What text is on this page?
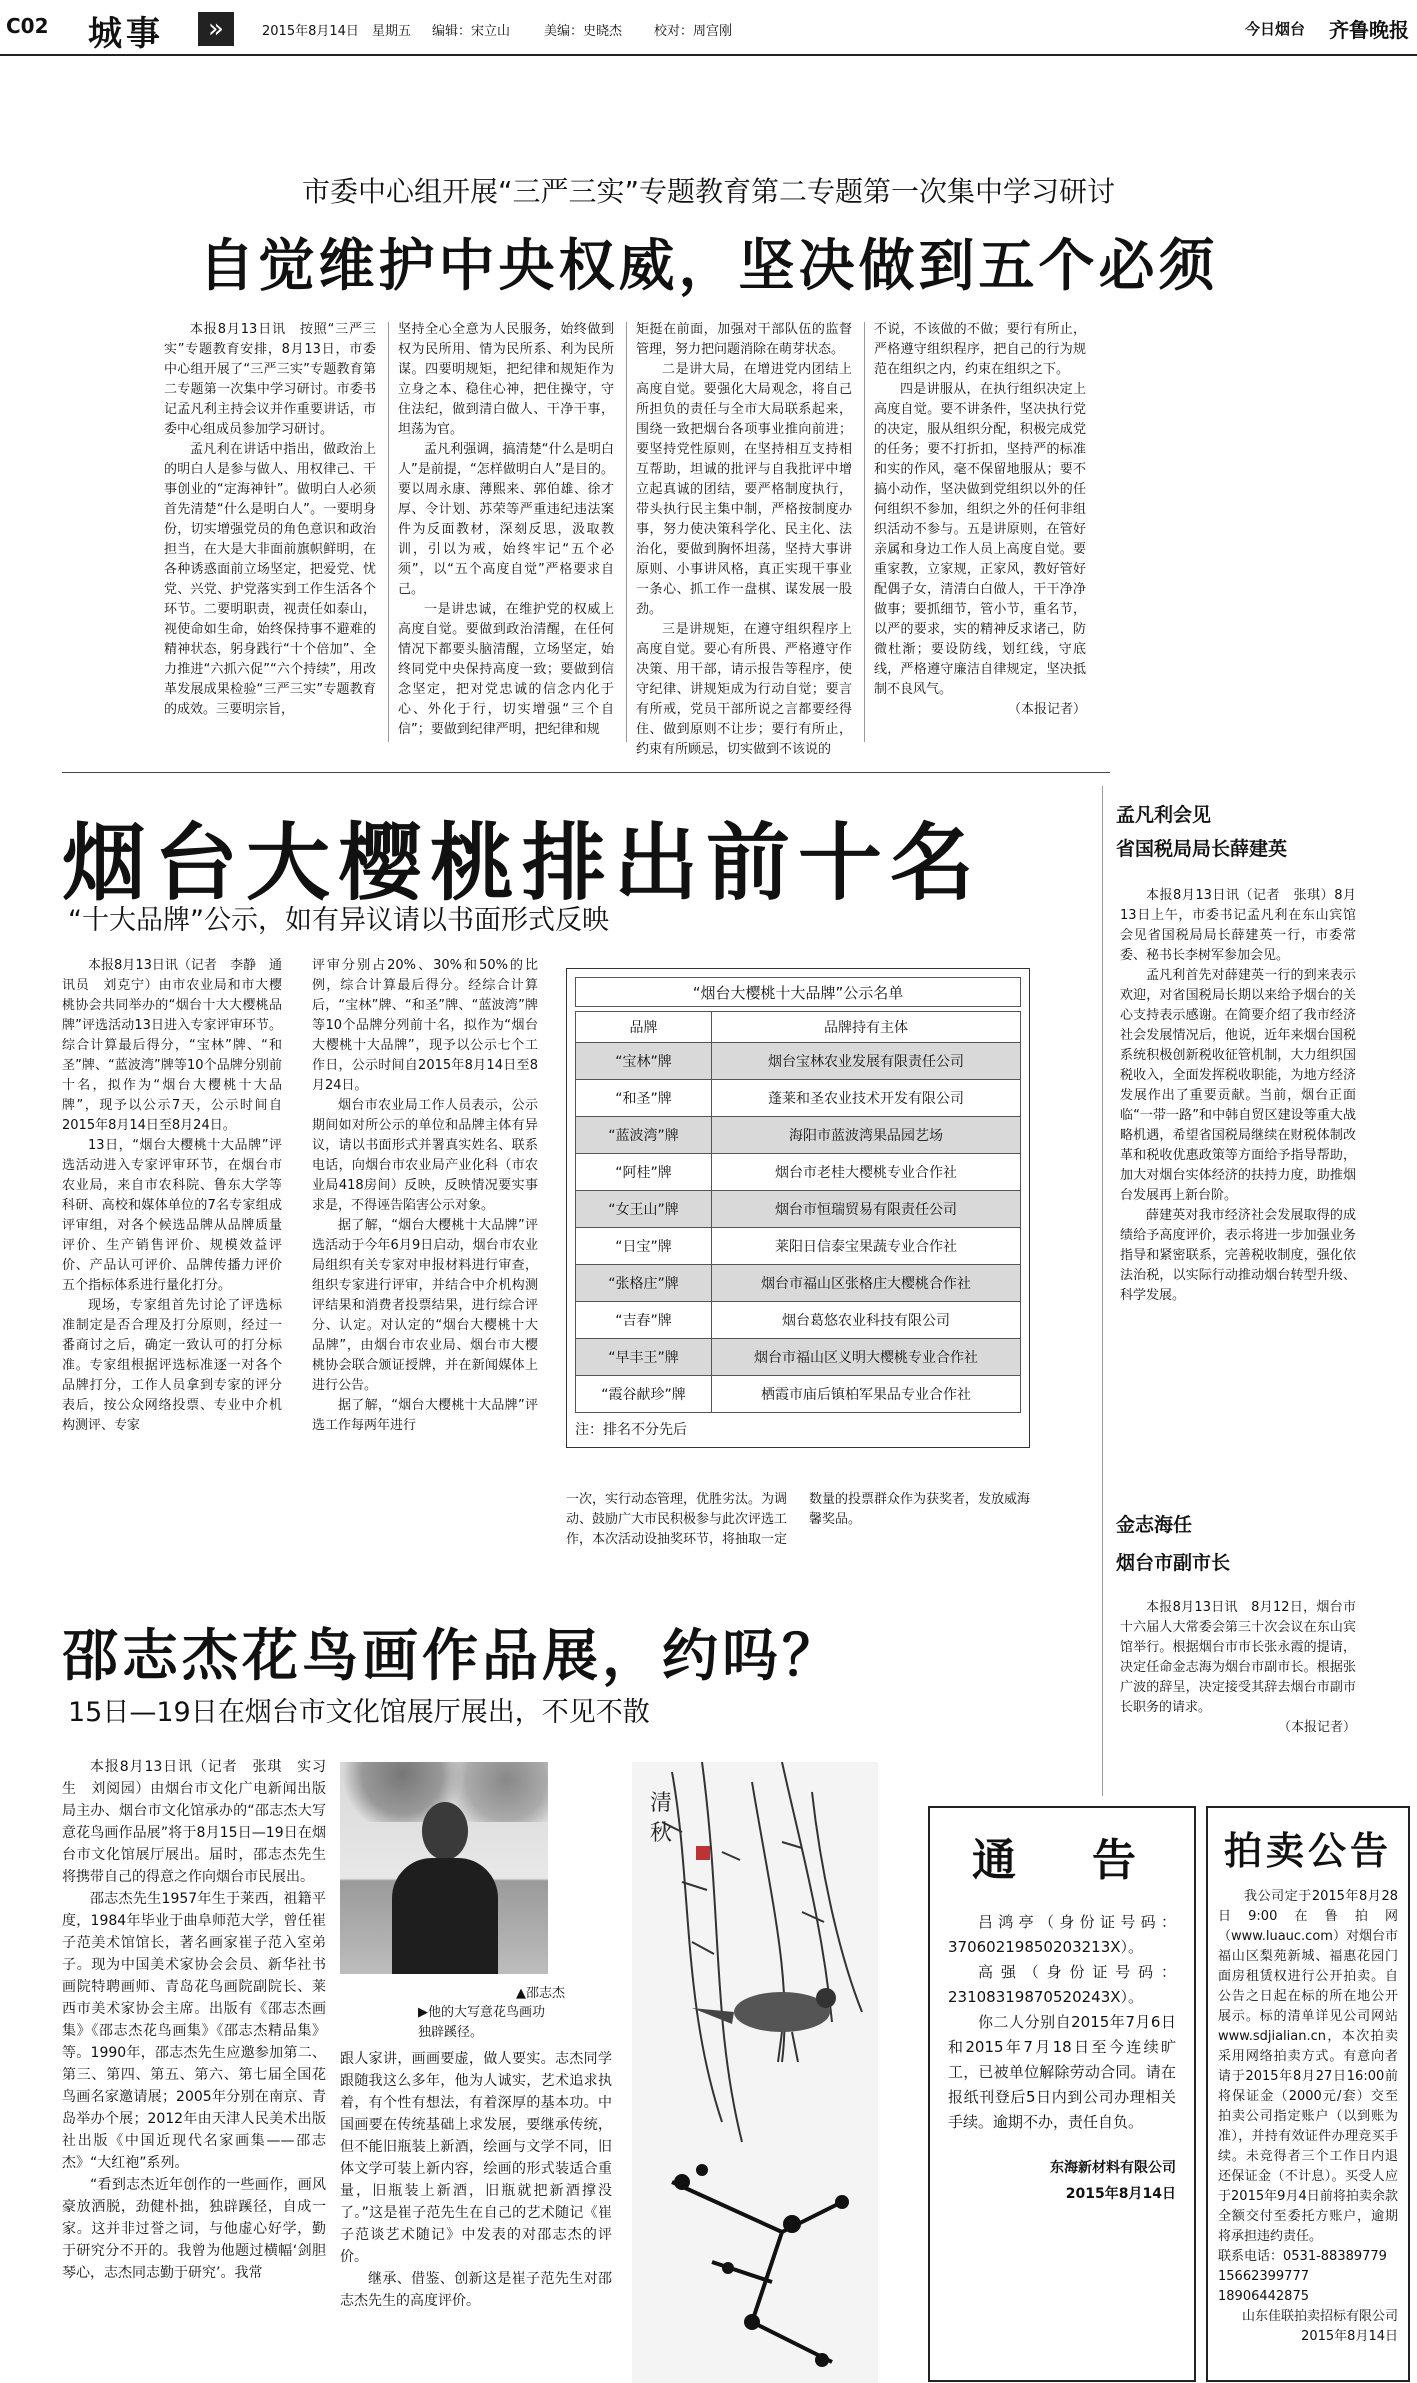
C02 城事	»	2015年8月14日 星期五 编辑：宋立山	美编：史晓杰 校对：周宫刚	今日烟台 齐鲁晚报
市委中心组开展“三严三实”专题教育第二专题第一次集中学习研讨
自觉维护中央权威，坚决做到五个必须

本报8月13日讯　按照“三严三实”专题教育安排，8月13日，市委中心组开展了“三严三实”专题教育第二专题第一次集中学习研讨。市委书记孟凡利主持会议并作重要讲话，市委中心组成员参加学习研讨。

孟凡利在讲话中指出，做政治上的明白人是参与做人、用权律己、干事创业的“定海神针”。做明白人必须首先清楚“什么是明白人”。一要明身份，切实增强党员的角色意识和政治担当，在大是大非面前旗帜鲜明，在各种诱惑面前立场坚定，把爱党、忧党、兴党、护党落实到工作生活各个环节。二要明职责，视责任如泰山，视使命如生命，始终保持事不避难的精神状态，躬身践行“十个倍加”、全力推进“六抓六促”“六个持续”，用改革发展成果检验“三严三实”专题教育的成效。三要明宗旨，

坚持全心全意为人民服务，始终做到权为民所用、情为民所系、利为民所谋。四要明规矩，把纪律和规矩作为立身之本、稳住心神，把住操守，守住法纪，做到清白做人、干净干事，坦荡为官。

孟凡利强调，搞清楚“什么是明白人”是前提，“怎样做明白人”是目的。要以周永康、薄熙来、郭伯雄、徐才厚、令计划、苏荣等严重违纪违法案件为反面教材，深刻反思，汲取教训，引以为戒，始终牢记“五个必须”，以“五个高度自觉”严格要求自己。

一是讲忠诚，在维护党的权威上高度自觉。要做到政治清醒，在任何情况下都要头脑清醒，立场坚定，始终同党中央保持高度一致；要做到信念坚定，把对党忠诚的信念内化于心、外化于行，切实增强“三个自信”；要做到纪律严明，把纪律和规

矩挺在前面，加强对干部队伍的监督管理，努力把问题消除在萌芽状态。

二是讲大局，在增进党内团结上高度自觉。要强化大局观念，将自己所担负的责任与全市大局联系起来，围绕一致把烟台各项事业推向前进；要坚持党性原则，在坚持相互支持相互帮助，坦诚的批评与自我批评中增立起真诚的团结，要严格制度执行，带头执行民主集中制，严格按制度办事，努力使决策科学化、民主化、法治化，要做到胸怀坦荡，坚持大事讲原则、小事讲风格，真正实现干事业一条心、抓工作一盘棋、谋发展一股劲。

三是讲规矩，在遵守组织程序上高度自觉。要心有所畏、严格遵守作决策、用干部，请示报告等程序，使守纪律、讲规矩成为行动自觉；要言有所戒，党员干部所说之言都要经得住、做到原则不让步；要行有所止，约束有所顾忌，切实做到不该说的

不说，不该做的不做；要行有所止，严格遵守组织程序，把自己的行为规范在组织之内，约束在组织之下。

四是讲服从，在执行组织决定上高度自觉。要不讲条件，坚决执行党的决定，服从组织分配，积极完成党的任务；要不打折扣，坚持严的标准和实的作风，毫不保留地服从；要不搞小动作，坚决做到党组织以外的任何组织不参加，组织之外的任何非组织活动不参与。五是讲原则，在管好亲属和身边工作人员上高度自觉。要重家教，立家规，正家风，教好管好配偶子女，清清白白做人，干干净净做事；要抓细节，管小节，重名节，以严的要求，实的精神反求诸己，防微杜渐；要设防线，划红线，守底线，严格遵守廉洁自律规定，坚决抵制不良风气。

（本报记者）

烟台大樱桃排出前十名
“十大品牌”公示，如有异议请以书面形式反映

本报8月13日讯（记者　李静　通讯员　刘克宁）由市农业局和市大樱桃协会共同举办的“烟台十大大樱桃品牌”评选活动13日进入专家评审环节。综合计算最后得分，“宝林”牌、“和圣”牌、“蓝波湾”牌等10个品牌分别前十名，拟作为“烟台大樱桃十大品牌”，现予以公示7天，公示时间自2015年8月14日至8月24日。

13日，“烟台大樱桃十大品牌”评选活动进入专家评审环节，在烟台市农业局，来自市农科院、鲁东大学等科研、高校和媒体单位的7名专家组成评审组，对各个候选品牌从品牌质量评价、生产销售评价、规模效益评价、产品认可评价、品牌传播力评价五个指标体系进行量化打分。

现场，专家组首先讨论了评选标准制定是否合理及打分原则，经过一番商讨之后，确定一致认可的打分标准。专家组根据评选标准逐一对各个品牌打分，工作人员拿到专家的评分表后，按公众网络投票、专业中介机构测评、专家

评审分别占20%、30%和50%的比例，综合计算最后得分。经综合计算后，“宝林”牌、“和圣”牌、“蓝波湾”牌等10个品牌分列前十名，拟作为“烟台大樱桃十大品牌”，现予以公示七个工作日，公示时间自2015年8月14日至8月24日。

烟台市农业局工作人员表示，公示期间如对所公示的单位和品牌主体有异议，请以书面形式并署真实姓名、联系电话，向烟台市农业局产业化科（市农业局418房间）反映，反映情况要实事求是，不得诬告陷害公示对象。

据了解，“烟台大樱桃十大品牌”评选活动于今年6月9日启动，烟台市农业局组织有关专家对申报材料进行审查，组织专家进行评审，并结合中介机构测评结果和消费者投票结果，进行综合评分、认定。对认定的“烟台大樱桃十大品牌”，由烟台市农业局、烟台市大樱桃协会联合颁证授牌，并在新闻媒体上进行公告。

据了解，“烟台大樱桃十大品牌”评选工作每两年进行

“烟台大樱桃十大品牌”公示名单
品牌	品牌持有主体
“宝林”牌	烟台宝林农业发展有限责任公司
“和圣”牌	蓬莱和圣农业技术开发有限公司
“蓝波湾”牌	海阳市蓝波湾果品园艺场
“阿桂”牌	烟台市老桂大樱桃专业合作社
“女王山”牌	烟台市恒瑞贸易有限责任公司
“日宝”牌	莱阳日信泰宝果蔬专业合作社
“张格庄”牌	烟台市福山区张格庄大樱桃合作社
“吉春”牌	烟台葛悠农业科技有限公司
“早丰王”牌	烟台市福山区义明大樱桃专业合作社
“霞谷献珍”牌	栖霞市庙后镇柏军果品专业合作社
注：排名不分先后

一次，实行动态管理，优胜劣汰。为调动、鼓励广大市民积极参与此次评选工作，本次活动设抽奖环节，将抽取一定数量的投票群众作为获奖者，发放威海馨奖品。

孟凡利会见
省国税局局长薛建英

本报8月13日讯（记者　张琪）8月13日上午，市委书记孟凡利在东山宾馆会见省国税局局长薛建英一行，市委常委、秘书长李树军参加会见。

孟凡利首先对薛建英一行的到来表示欢迎，对省国税局长期以来给予烟台的关心支持表示感谢。在简要介绍了我市经济社会发展情况后，他说，近年来烟台国税系统积极创新税收征管机制，大力组织国税收入，全面发挥税收职能，为地方经济发展作出了重要贡献。当前，烟台正面临“一带一路”和中韩自贸区建设等重大战略机遇，希望省国税局继续在财税体制改革和税收优惠政策等方面给予指导帮助，加大对烟台实体经济的扶持力度，助推烟台发展再上新台阶。

薛建英对我市经济社会发展取得的成绩给予高度评价，表示将进一步加强业务指导和紧密联系，完善税收制度，强化依法治税，以实际行动推动烟台转型升级、科学发展。

金志海任
烟台市副市长

本报8月13日讯　8月12日，烟台市十六届人大常委会第三十次会议在东山宾馆举行。根据烟台市市长张永霞的提请，决定任命金志海为烟台市副市长。根据张广波的辞呈，决定接受其辞去烟台市副市长职务的请求。

（本报记者）

邵志杰花鸟画作品展，约吗？
15日—19日在烟台市文化馆展厅展出，不见不散

本报8月13日讯（记者　张琪　实习生　刘阅园）由烟台市文化广电新闻出版局主办、烟台市文化馆承办的“邵志杰大写意花鸟画作品展”将于8月15日—19日在烟台市文化馆展厅展出。届时，邵志杰先生将携带自己的得意之作向烟台市民展出。

邵志杰先生1957年生于莱西，祖籍平度，1984年毕业于曲阜师范大学，曾任崔子范美术馆馆长，著名画家崔子范入室弟子。现为中国美术家协会会员、新华社书画院特聘画师、青岛花鸟画院副院长、莱西市美术家协会主席。出版有《邵志杰画集》《邵志杰花鸟画集》《邵志杰精品集》等。1990年，邵志杰先生应邀参加第二、第三、第四、第五、第六、第七届全国花鸟画名家邀请展；2005年分别在南京、青岛举办个展；2012年由天津人民美术出版社出版《中国近现代名家画集——邵志杰》“大红袍”系列。

“看到志杰近年创作的一些画作，画风豪放洒脱，劲健朴拙，独辟蹊径，自成一家。这并非过誉之词，与他虚心好学，勤于研究分不开的。我曾为他题过横幅‘剑胆琴心，志杰同志勤于研究’。我常

▲邵志杰
▶他的大写意花鸟画功独辟蹊径。

跟人家讲，画画要虚，做人要实。志杰同学跟随我这么多年，他为人诚实，艺术追求执着，有个性有想法，有着深厚的基本功。中国画要在传统基础上求发展，要继承传统，但不能旧瓶装上新酒，绘画与文学不同，旧体文学可装上新内容，绘画的形式装适合重量，旧瓶装上新酒，旧瓶就把新酒撑没了。”这是崔子范先生在自己的艺术随记《崔子范谈艺术随记》中发表的对邵志杰的评价。

继承、借鉴、创新这是崔子范先生对邵志杰先生的高度评价。

清
秋
通　告

吕鸿亭（身份证号码：37060219850203213X）。

高强（身份证号码：23108319870520243X）。

你二人分别自2015年7月6日和2015年7月18日至今连续旷工，已被单位解除劳动合同。请在报纸刊登后5日内到公司办理相关手续。逾期不办，责任自负。

东海新材料有限公司
2015年8月14日
拍卖公告
我公司定于2015年8月28日9:00在鲁拍网（www.luauc.com）对烟台市福山区梨苑新城、福惠花园门面房租赁权进行公开拍卖。自公告之日起在标的所在地公开展示。标的清单详见公司网站www.sdjialian.cn，本次拍卖采用网络拍卖方式。有意向者请于2015年8月27日16:00前将保证金（2000元/套）交至拍卖公司指定账户（以到账为准），并持有效证件办理竞买手续。未竞得者三个工作日内退还保证金（不计息）。买受人应于2015年9月4日前将拍卖余款全额交付至委托方账户，逾期将承担违约责任。
联系电话：0531-88389779
15662399777　18906442875
山东佳联拍卖招标有限公司
2015年8月14日
